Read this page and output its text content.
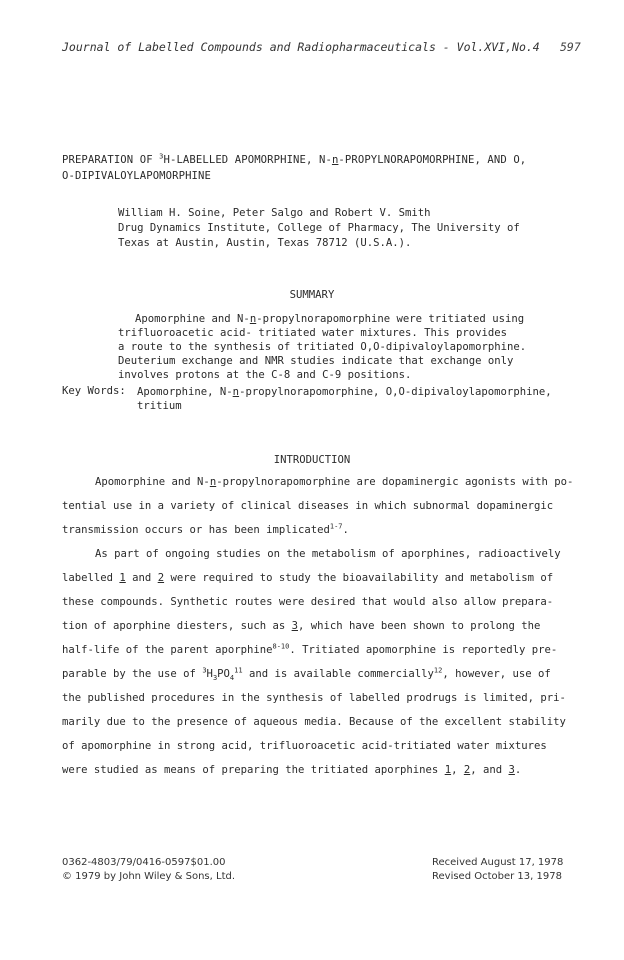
Journal of Labelled Compounds and Radiopharmaceuticals - Vol.XVI,No.4 597
PREPARATION OF $^3$H-LABELLED APOMORPHINE, N-n-PROPYLNORAPOMORPHINE, AND O,
O-DIPIVALOYLAPOMORPHINE
William H. Soine, Peter Salgo and Robert V. Smith
Drug Dynamics Institute, College of Pharmacy, The University of
Texas at Austin, Austin, Texas 78712 (U.S.A.).
SUMMARY
Apomorphine and N-n-propylnorapomorphine were tritiated using
trifluoroacetic acid- tritiated water mixtures. This provides
a route to the synthesis of tritiated O,O-dipivaloylapomorphine.
Deuterium exchange and NMR studies indicate that exchange only
involves protons at the C-8 and C-9 positions.
Key Words: Apomorphine, N-n-propylnorapomorphine, O,O-dipivaloylapomorphine,
tritium
INTRODUCTION
Apomorphine and N-n-propylnorapomorphine are dopaminergic agonists with po-
tential use in a variety of clinical diseases in which subnormal dopaminergic
transmission occurs or has been implicated$^{1-7}$.
As part of ongoing studies on the metabolism of aporphines, radioactively
labelled 1 and 2 were required to study the bioavailability and metabolism of
these compounds. Synthetic routes were desired that would also allow prepara-
tion of aporphine diesters, such as 3, which have been shown to prolong the
half-life of the parent aporphine$^{8-10}$. Tritiated apomorphine is reportedly pre-
parable by the use of $^3H_3PO_4^{11}$ and is available commercially$^{12}$, however, use of
the published procedures in the synthesis of labelled prodrugs is limited, pri-
marily due to the presence of aqueous media. Because of the excellent stability
of apomorphine in strong acid, trifluoroacetic acid-tritiated water mixtures
were studied as means of preparing the tritiated aporphines 1, 2, and 3.
0362-4803/79/0416-0597$01.00
© 1979 by John Wiley & Sons, Ltd.
Received August 17, 1978
Revised October 13, 1978
